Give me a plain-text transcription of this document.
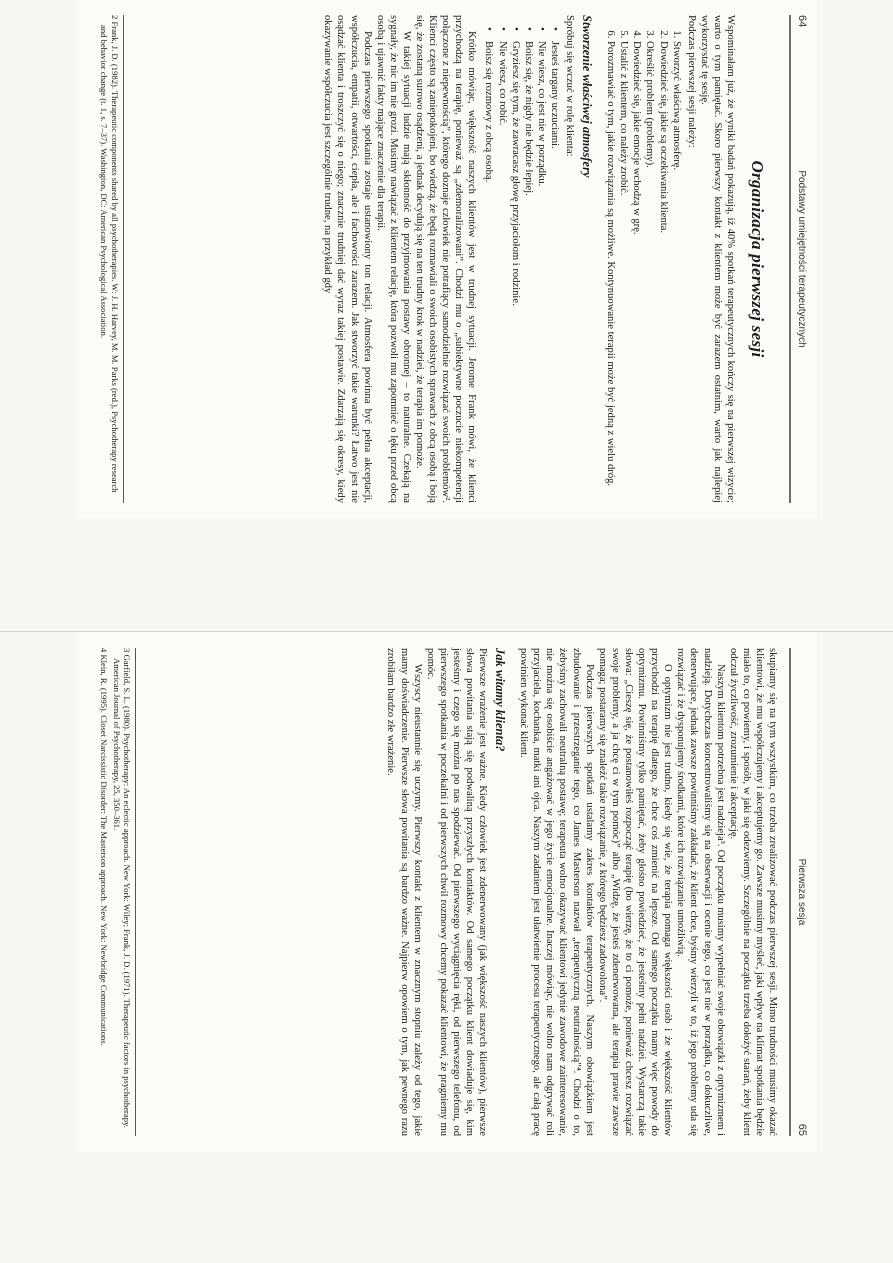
64
Podstawy umiejętności terapeutycznych
Organizacja pierwszej sesji

Wspominałam już, że wyniki badań pokazują, iż 40% spotkań terapeutycznych kończy się na pierwszej wizycie; warto o tym pamiętać. Skoro pierwszy kontakt z klientem może być zarazem ostatnim, warto jak najlepiej wykorzystać tę sesję.

Podczas pierwszej sesji należy:

1. Stworzyć właściwą atmosferę.
2. Dowiedzieć się, jakie są oczekiwania klienta.
3. Określić problem (problemy).
4. Dowiedzieć się, jakie emocje wchodzą w grę.
5. Ustalić z klientem, co należy zrobić.
6. Porozmawiać o tym, jakie rozwiązania są możliwe. Kontynuowanie terapii może być jedną z wielu dróg.
Stworzenie właściwej atmosfery

Spróbuj się wczuć w rolę klienta:

•
Jesteś targany uczuciami.
•
Nie wiesz, co jest nie w porządku.
•
Boisz się, że nigdy nie będzie lepiej.
•
Gryziesz się tym, że zawracasz głowę przyjaciołom i rodzinie.
•
Nie wiesz, co robić.
•
Boisz się rozmowy z obcą osobą.

Krótko mówiąc, większość naszych klientów jest w trudnej sytuacji. Jerome Frank mówi, że klienci przychodzą na terapię, ponieważ są „zdemoralizowani”. Chodzi mu o „subiektywne poczucie niekompetencji połączone z niepewnością”, którego doznaje człowiek nie potrafiący samodzielnie rozwiązać swoich problemów². Klienci często są zaniepokojeni, bo wiedzą, że będą rozmawiali o swoich osobistych sprawach z obcą osobą i boją się, że zostaną surowo osądzeni, a jednak decydują się na ten trudny krok w nadziei, że terapia im pomoże.

W takiej sytuacji ludzie mają skłonność do przyjmowania postawy obronnej – to naturalne. Czekają na sygnały, że nic im nie grozi. Musimy nawiązać z klientem relację, która pozwoli mu zapomnieć o lęku przed obcą osobą i ujawnić fakty mające znaczenie dla terapii.

Podczas pierwszego spotkania zostaje ustanowiony ton relacji. Atmosfera powinna być pełna akceptacji, współczucia, empatii, otwartości, ciepła, ale i fachowości zarazem. Jak stworzyć takie warunki? Łatwo jest nie osądzać klienta i troszczyć się o niego; znacznie trudniej dać wyraz takiej postawie. Zdarzają się okresy, kiedy okazywanie współczucia jest szczególnie trudne, na przykład gdy

2 Frank, J. D. (1982). Therapeutic components shared by all psychotherapies. W: J. H. Harvey, M. M. Parks (red.), Psychotherapy research and behavior change (t. 1, s. 7–37). Washington, DC: American Psychological Association.

Pierwsza sesja
65

skupiamy się na tym wszystkim, co trzeba zrealizować podczas pierwszej sesji. Mimo trudności musimy okazać klientowi, że mu współczujemy i akceptujemy go. Zawsze musimy myśleć, jaki wpływ na klimat spotkania będzie miało to, co powiemy, i sposób, w jaki się odezwiemy. Szczególnie na początku trzeba dołożyć starań, żeby klient odczuł życzliwość, zrozumienie i akceptację.

Naszym klientom potrzebna jest nadzieja³. Od początku musimy wypełniać swoje obowiązki z optymizmem i nadzieją. Dotychczas koncentrowaliśmy się na obserwacji i ocenie tego, co jest nie w porządku, co dokuczliwe, denerwujące, jednak zawsze powinniśmy zakładać, że klient chce, byśmy wierzyli w to, iż jego problemy uda się rozwiązać i że dysponujemy środkami, które ich rozwiązanie umożliwią.

O optymizm nie jest trudno, kiedy się wie, że terapia pomaga większości osób i że większość klientów przychodzi na terapię dlatego, że chce coś zmienić na lepsze. Od samego początku mamy więc powody do optymizmu. Powinniśmy tylko pamiętać, żeby głośno powiedzieć, że jesteśmy pełni nadziei. Wystarczą takie słowa: „Cieszę się, że postanowiłeś rozpocząć terapię (bo wierzę, że to ci pomoże, ponieważ chcesz rozwiązać swoje problemy, a ja chcę ci w tym pomóc)” albo „Widzę, że jesteś zdenerwowana, ale terapia prawie zawsze pomaga; postaramy się znaleźć takie rozwiązanie, z którego będziesz zadowolona”.

Podczas pierwszych spotkań ustalamy zakres kontaktów terapeutycznych. Naszym obowiązkiem jest zbudowanie i przestrzeganie tego, co James Masterson nazwał „terapeutyczną neutralnością”⁴. Chodzi o to, żebyśmy zachowali neutralną postawę; terapeuta wolno okazywać klientowi jedynie zawodowe zainteresowanie, nie można się osobiście angażować w jego życie emocjonalne. Inaczej mówiąc, nie wolno nam odgrywać roli przyjaciela, kochanka, matki ani ojca. Naszym zadaniem jest ułatwienie procesu terapeutycznego, ale całą pracę powinien wykonać klient.

Jak witamy klienta?

Pierwsze wrażenie jest ważne. Kiedy człowiek jest zdenerwowany (jak większość naszych klientów), pierwsze słowa powitania stają się podwaliną przyszłych kontaktów. Od samego początku klient dowiaduje się, kim jesteśmy i czego się można po nas spodziewać. Od pierwszego wyciągnięcia ręki, od pierwszego telefonu, od pierwszego spotkania w poczekalni i od pierwszych chwil rozmowy chcemy pokazać klientowi, że pragniemy mu pomóc.

Wszyscy nieustannie się uczymy. Pierwszy kontakt z klientem w znacznym stopniu zależy od tego, jakie mamy doświadczenie. Pierwsze słowa powitania są bardzo ważne. Najpierw opowiem o tym, jak pewnego razu zrobiłam bardzo złe wrażenie.

3 Garfield, S. L. (1980). Psychotherapy: An eclectic approach. New York: Wiley; Frank, J. D. (1971). Therapeutic factors in psychotherapy. American Journal of Psychotherapy, 25, 350–361.

4 Klein, R. (1995). Closet Narcissistic Disorder: The Masterson approach. New York: Newbridge Communications.
